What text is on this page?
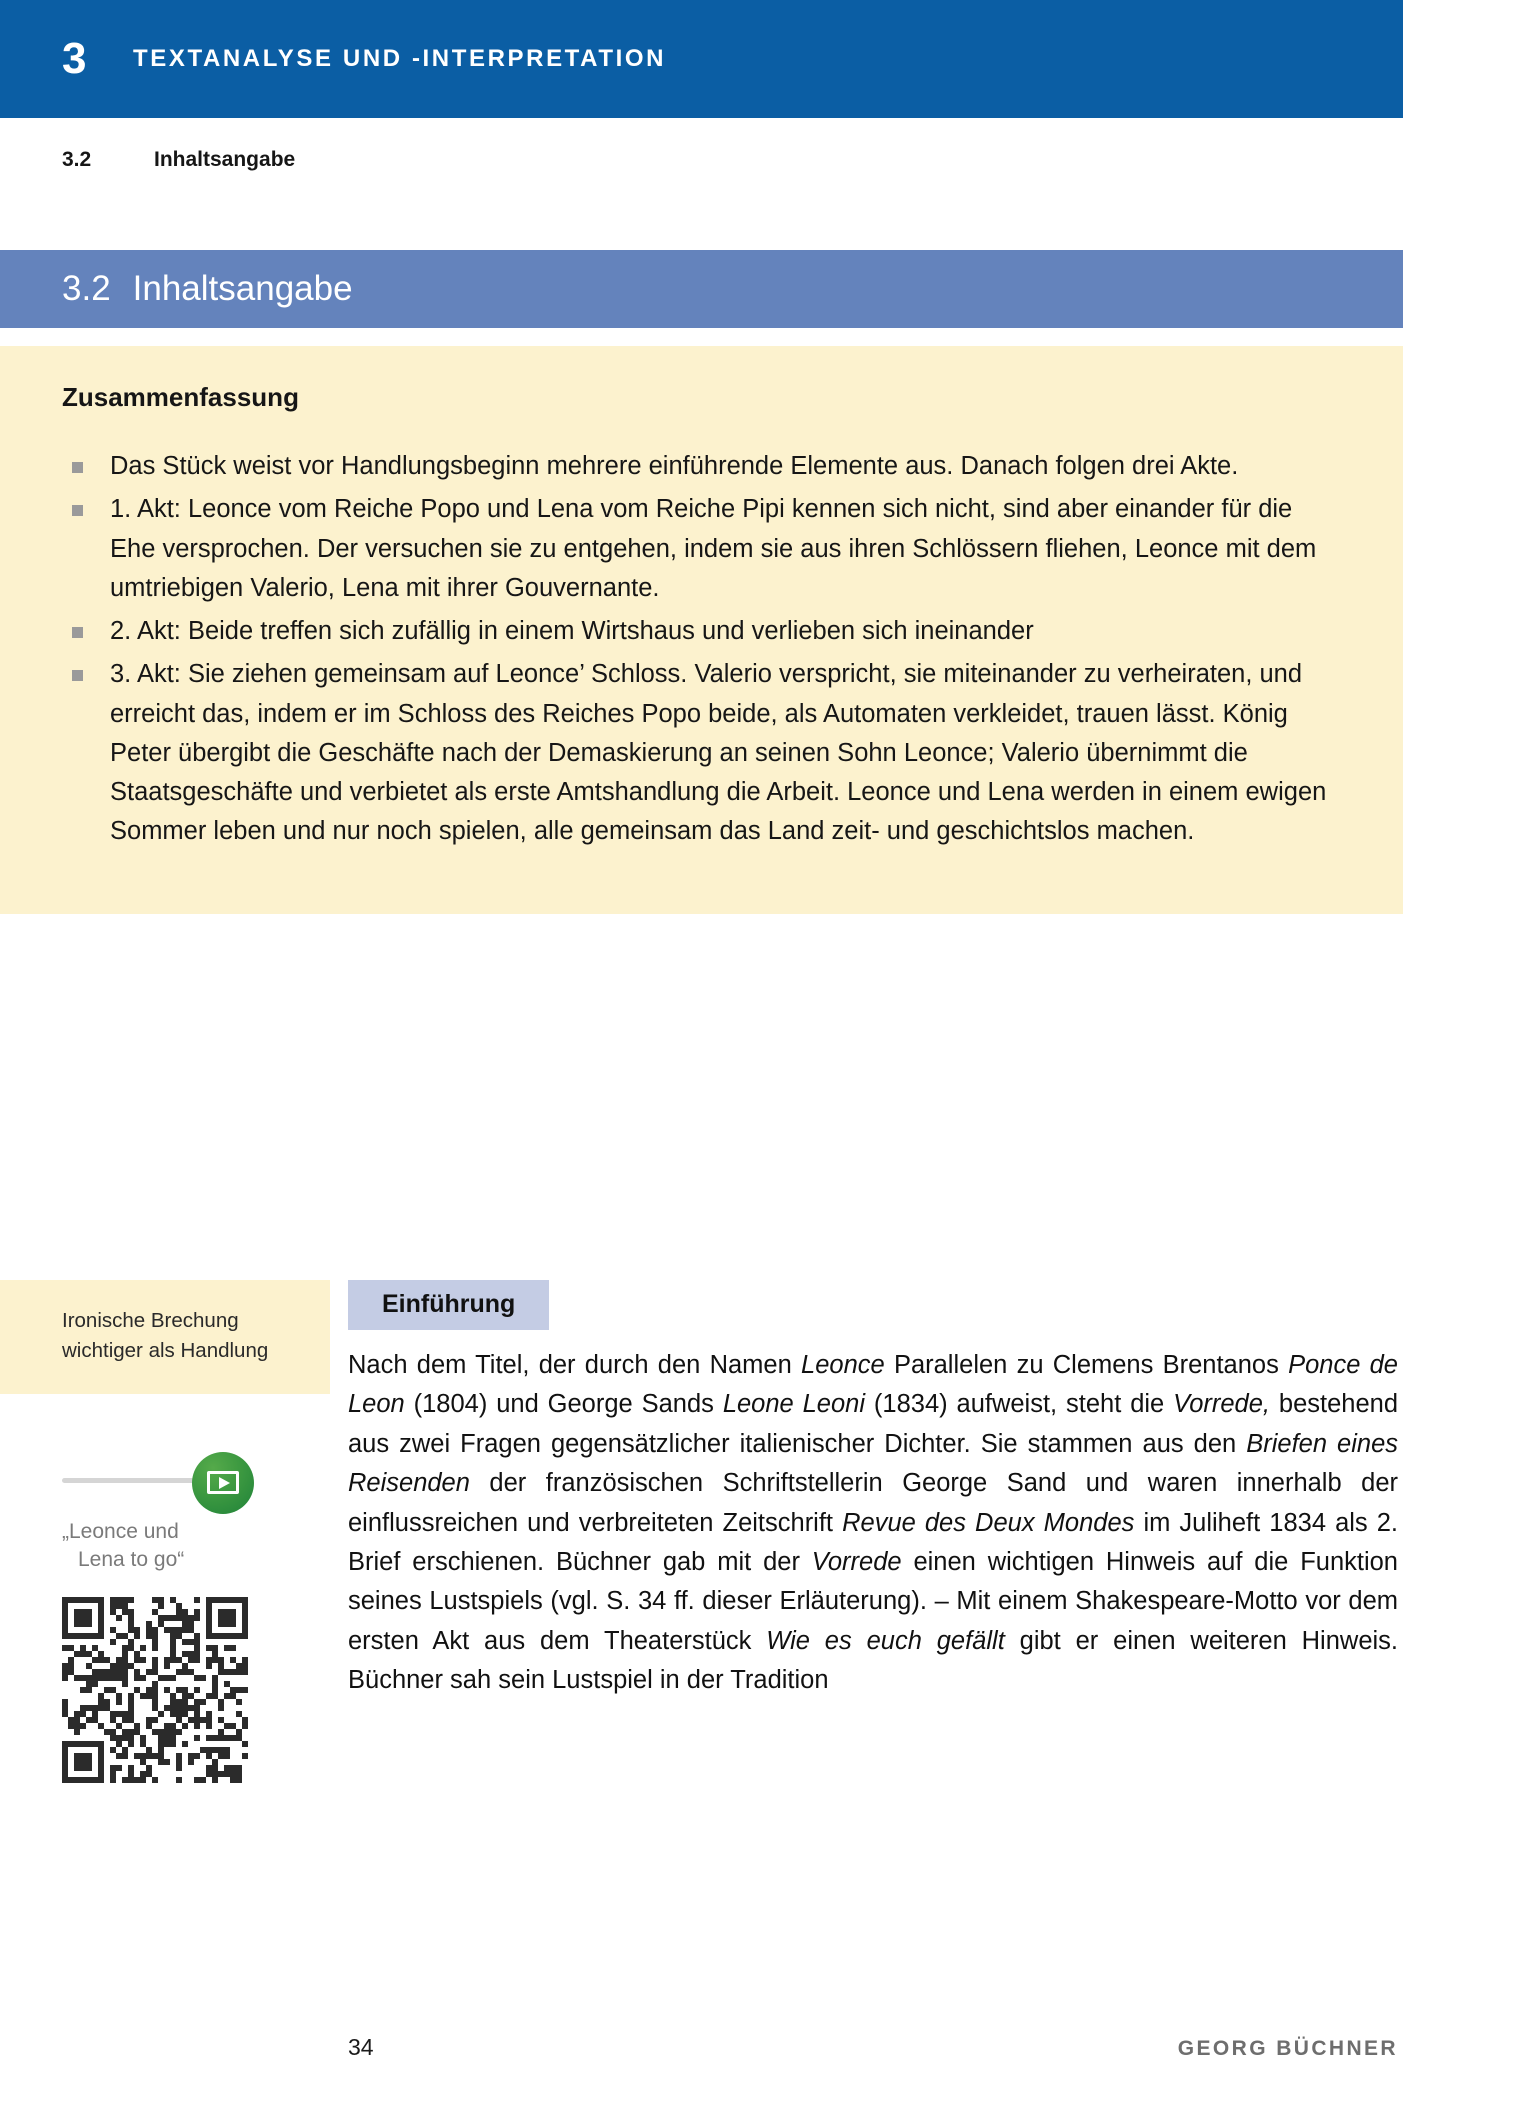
3 TEXTANALYSE UND -INTERPRETATION
3.2	Inhaltsangabe
3.2 Inhaltsangabe
Zusammenfassung
Das Stück weist vor Handlungsbeginn mehrere einführende Elemente aus. Danach folgen drei Akte.
1. Akt: Leonce vom Reiche Popo und Lena vom Reiche Pipi kennen sich nicht, sind aber einander für die Ehe versprochen. Der versuchen sie zu entgehen, indem sie aus ihren Schlössern fliehen, Leonce mit dem umtriebigen Valerio, Lena mit ihrer Gouvernante.
2. Akt: Beide treffen sich zufällig in einem Wirtshaus und verlieben sich ineinander
3. Akt: Sie ziehen gemeinsam auf Leonce’ Schloss. Valerio verspricht, sie miteinander zu verheiraten, und erreicht das, indem er im Schloss des Reiches Popo beide, als Automaten verkleidet, trauen lässt. König Peter übergibt die Geschäfte nach der Demaskierung an seinen Sohn Leonce; Valerio übernimmt die Staatsgeschäfte und verbietet als erste Amtshandlung die Arbeit. Leonce und Lena werden in einem ewigen Sommer leben und nur noch spielen, alle gemeinsam das Land zeit- und geschichtslos machen.
Ironische Brechung wichtiger als Handlung
„Leonce und
Lena to go“
Einführung
Nach dem Titel, der durch den Namen Leonce Parallelen zu Clemens Brentanos Ponce de Leon (1804) und George Sands Leone Leoni (1834) aufweist, steht die Vorrede, bestehend aus zwei Fragen gegensätzlicher italienischer Dichter. Sie stammen aus den Briefen eines Reisenden der französischen Schriftstellerin George Sand und waren innerhalb der einflussreichen und verbreiteten Zeitschrift Revue des Deux Mondes im Juliheft 1834 als 2. Brief erschienen. Büchner gab mit der Vorrede einen wichtigen Hinweis auf die Funktion seines Lustspiels (vgl. S. 34 ff. dieser Erläuterung). – Mit einem Shakespeare-Motto vor dem ersten Akt aus dem Theaterstück Wie es euch gefällt gibt er einen weiteren Hinweis. Büchner sah sein Lustspiel in der Tradition
34	GEORG BÜCHNER
